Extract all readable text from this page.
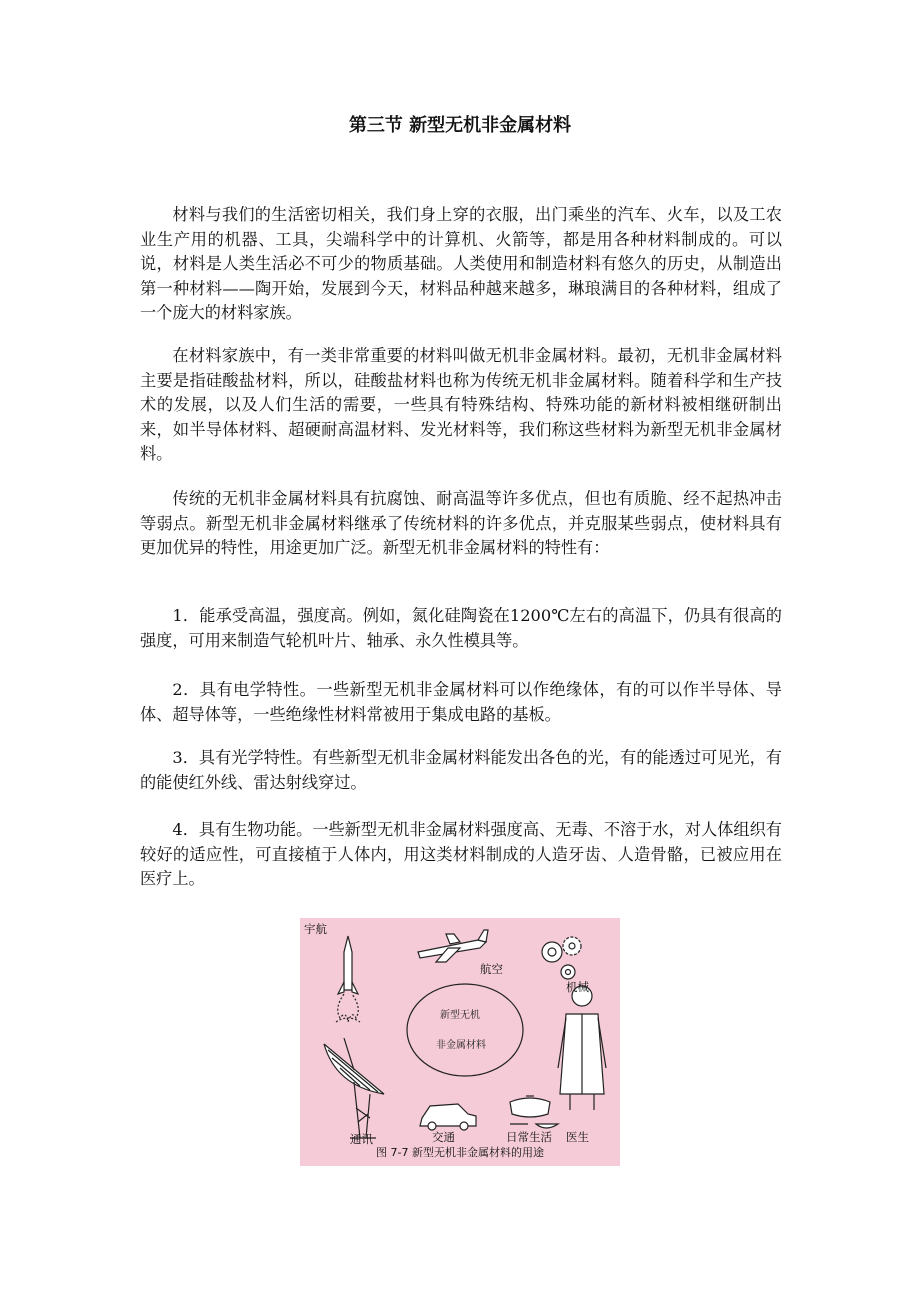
第三节 新型无机非金属材料

材料与我们的生活密切相关，我们身上穿的衣服，出门乘坐的汽车、火车，以及工农业生产用的机器、工具，尖端科学中的计算机、火箭等，都是用各种材料制成的。可以说，材料是人类生活必不可少的物质基础。人类使用和制造材料有悠久的历史，从制造出第一种材料——陶开始，发展到今天，材料品种越来越多，琳琅满目的各种材料，组成了一个庞大的材料家族。

在材料家族中，有一类非常重要的材料叫做无机非金属材料。最初，无机非金属材料主要是指硅酸盐材料，所以，硅酸盐材料也称为传统无机非金属材料。随着科学和生产技术的发展，以及人们生活的需要，一些具有特殊结构、特殊功能的新材料被相继研制出来，如半导体材料、超硬耐高温材料、发光材料等，我们称这些材料为新型无机非金属材料。

传统的无机非金属材料具有抗腐蚀、耐高温等许多优点，但也有质脆、经不起热冲击等弱点。新型无机非金属材料继承了传统材料的许多优点，并克服某些弱点，使材料具有更加优异的特性，用途更加广泛。新型无机非金属材料的特性有：

1．能承受高温，强度高。例如，氮化硅陶瓷在1200℃左右的高温下，仍具有很高的强度，可用来制造气轮机叶片、轴承、永久性模具等。

2．具有电学特性。一些新型无机非金属材料可以作绝缘体，有的可以作半导体、导体、超导体等，一些绝缘性材料常被用于集成电路的基板。

3．具有光学特性。有些新型无机非金属材料能发出各色的光，有的能透过可见光，有的能使红外线、雷达射线穿过。

4．具有生物功能。一些新型无机非金属材料强度高、无毒、不溶于水，对人体组织有较好的适应性，可直接植于人体内，用这类材料制成的人造牙齿、人造骨骼，已被应用在医疗上。

宇航
航空
机械
新型无机
非金属材料
通讯	交通	日常生活 医生
图 7-7 新型无机非金属材料的用途
